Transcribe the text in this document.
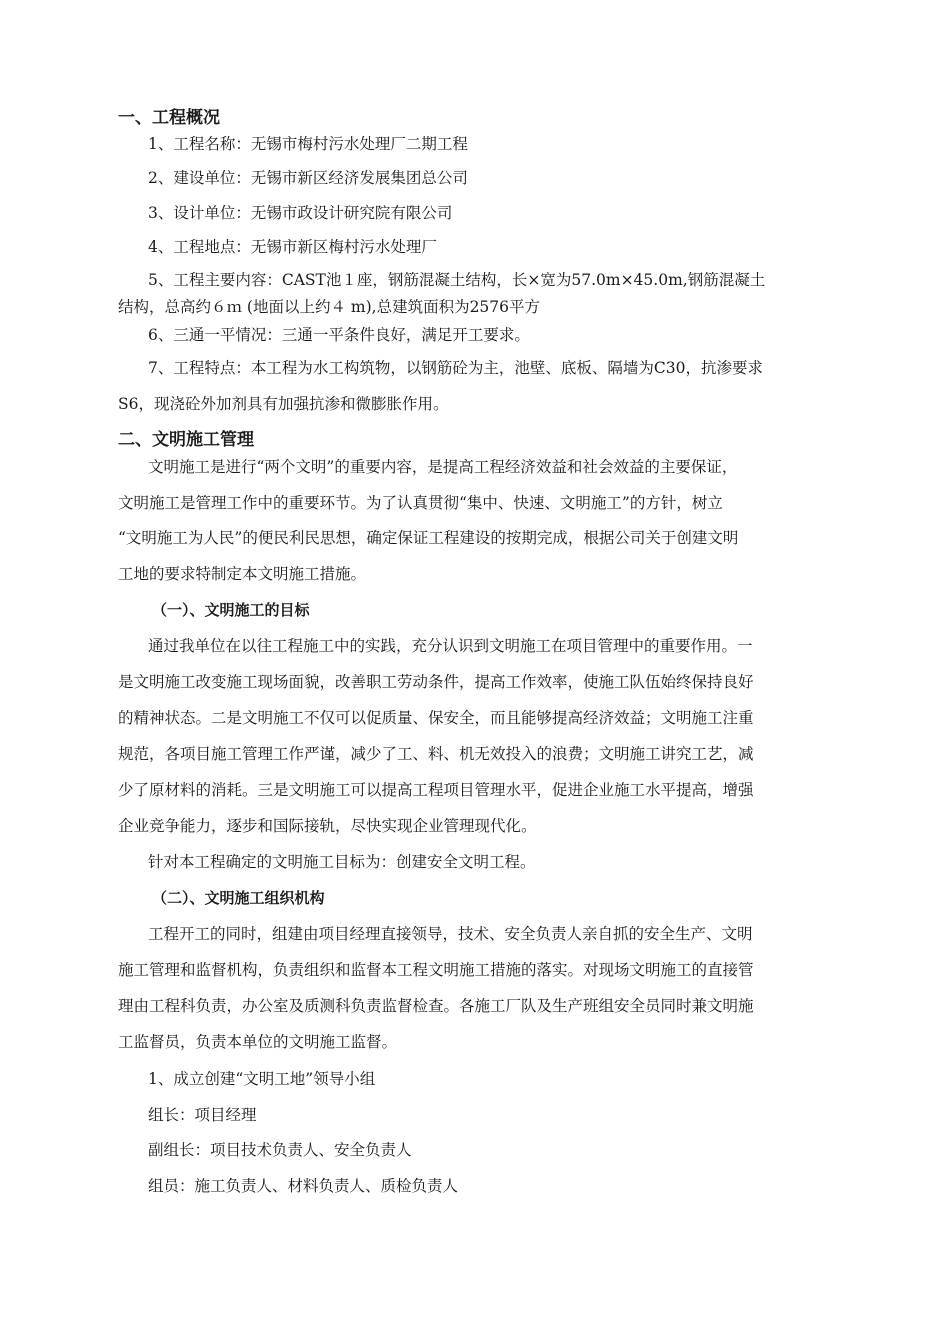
一、工程概况
1、工程名称：无锡市梅村污水处理厂二期工程
2、建设单位：无锡市新区经济发展集团总公司
3、设计单位：无锡市政设计研究院有限公司
4、工程地点：无锡市新区梅村污水处理厂
5、工程主要内容：CAST池１座，钢筋混凝土结构，长×宽为57.0m×45.0m,钢筋混凝土
结构，总高约６ｍ (地面以上约４ m),总建筑面积为2576平方
6、三通一平情况：三通一平条件良好，满足开工要求。
7、工程特点：本工程为水工构筑物，以钢筋砼为主，池壁、底板、隔墙为C30，抗渗要求
S6，现浇砼外加剂具有加强抗渗和微膨胀作用。
二、文明施工管理
文明施工是进行“两个文明”的重要内容，是提高工程经济效益和社会效益的主要保证，
文明施工是管理工作中的重要环节。为了认真贯彻“集中、快速、文明施工”的方针，树立
“文明施工为人民”的便民利民思想，确定保证工程建设的按期完成，根据公司关于创建文明
工地的要求特制定本文明施工措施。
（一）、文明施工的目标
通过我单位在以往工程施工中的实践，充分认识到文明施工在项目管理中的重要作用。一
是文明施工改变施工现场面貌，改善职工劳动条件，提高工作效率，使施工队伍始终保持良好
的精神状态。二是文明施工不仅可以促质量、保安全，而且能够提高经济效益；文明施工注重
规范，各项目施工管理工作严谨，减少了工、料、机无效投入的浪费；文明施工讲究工艺，减
少了原材料的消耗。三是文明施工可以提高工程项目管理水平，促进企业施工水平提高，增强
企业竞争能力，逐步和国际接轨，尽快实现企业管理现代化。
针对本工程确定的文明施工目标为：创建安全文明工程。
（二）、文明施工组织机构
工程开工的同时，组建由项目经理直接领导，技术、安全负责人亲自抓的安全生产、文明
施工管理和监督机构，负责组织和监督本工程文明施工措施的落实。对现场文明施工的直接管
理由工程科负责，办公室及质测科负责监督检查。各施工厂队及生产班组安全员同时兼文明施
工监督员，负责本单位的文明施工监督。
1、成立创建“文明工地”领导小组
组长：项目经理
副组长：项目技术负责人、安全负责人
组员：施工负责人、材料负责人、质检负责人
